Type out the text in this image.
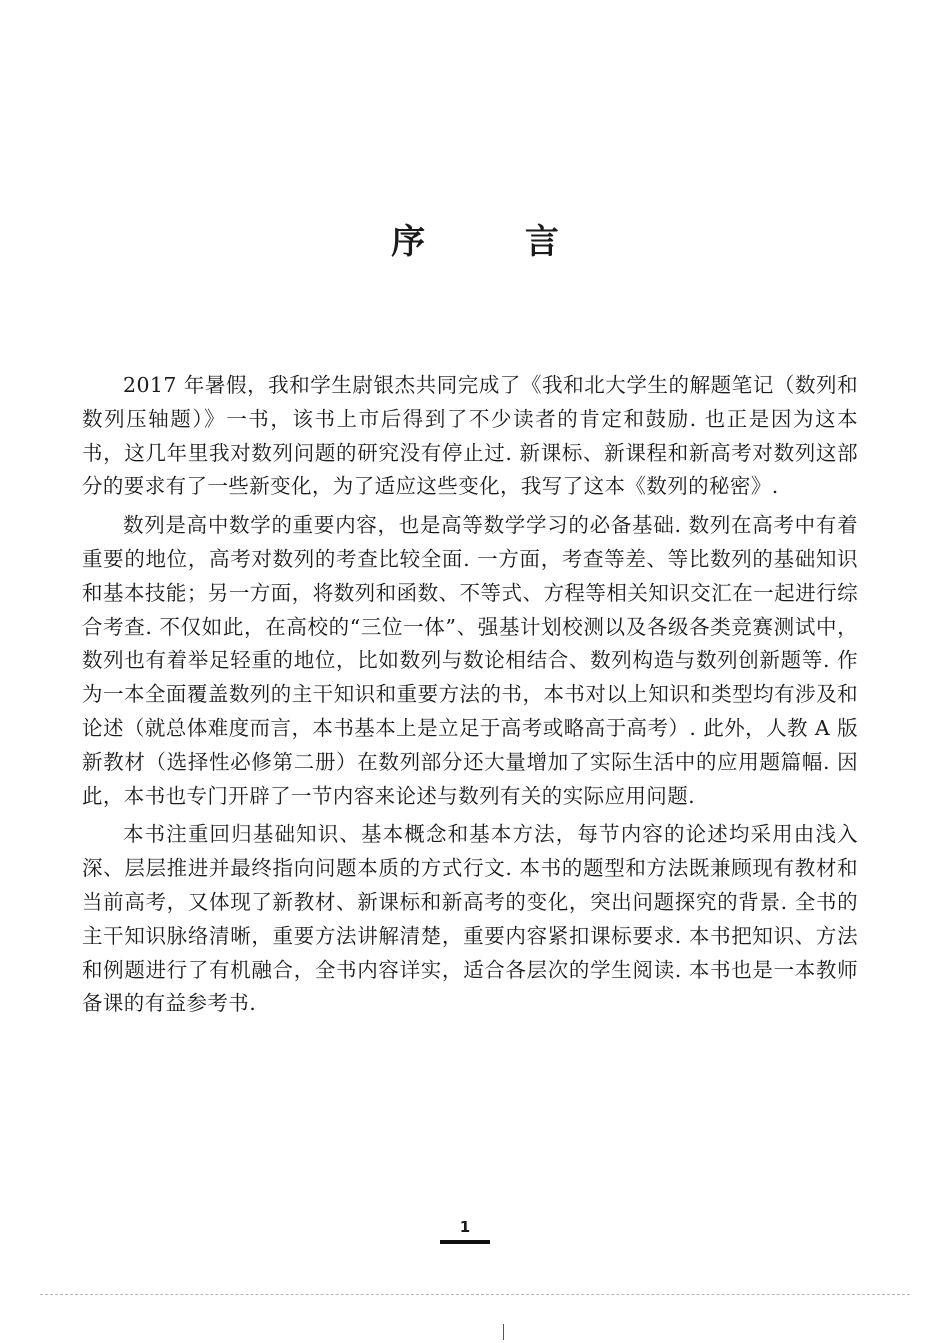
序 言

2017 年暑假，我和学生尉银杰共同完成了《我和北大学生的解题笔记（数列和数列压轴题）》一书，该书上市后得到了不少读者的肯定和鼓励. 也正是因为这本书，这几年里我对数列问题的研究没有停止过. 新课标、新课程和新高考对数列这部分的要求有了一些新变化，为了适应这些变化，我写了这本《数列的秘密》.

数列是高中数学的重要内容，也是高等数学学习的必备基础. 数列在高考中有着重要的地位，高考对数列的考查比较全面. 一方面，考查等差、等比数列的基础知识和基本技能；另一方面，将数列和函数、不等式、方程等相关知识交汇在一起进行综合考查. 不仅如此，在高校的“三位一体”、强基计划校测以及各级各类竞赛测试中，数列也有着举足轻重的地位，比如数列与数论相结合、数列构造与数列创新题等. 作为一本全面覆盖数列的主干知识和重要方法的书，本书对以上知识和类型均有涉及和论述（就总体难度而言，本书基本上是立足于高考或略高于高考）. 此外，人教 A 版新教材（选择性必修第二册）在数列部分还大量增加了实际生活中的应用题篇幅. 因此，本书也专门开辟了一节内容来论述与数列有关的实际应用问题.

本书注重回归基础知识、基本概念和基本方法，每节内容的论述均采用由浅入深、层层推进并最终指向问题本质的方式行文. 本书的题型和方法既兼顾现有教材和当前高考，又体现了新教材、新课标和新高考的变化，突出问题探究的背景. 全书的主干知识脉络清晰，重要方法讲解清楚，重要内容紧扣课标要求. 本书把知识、方法和例题进行了有机融合，全书内容详实，适合各层次的学生阅读. 本书也是一本教师备课的有益参考书.

1
